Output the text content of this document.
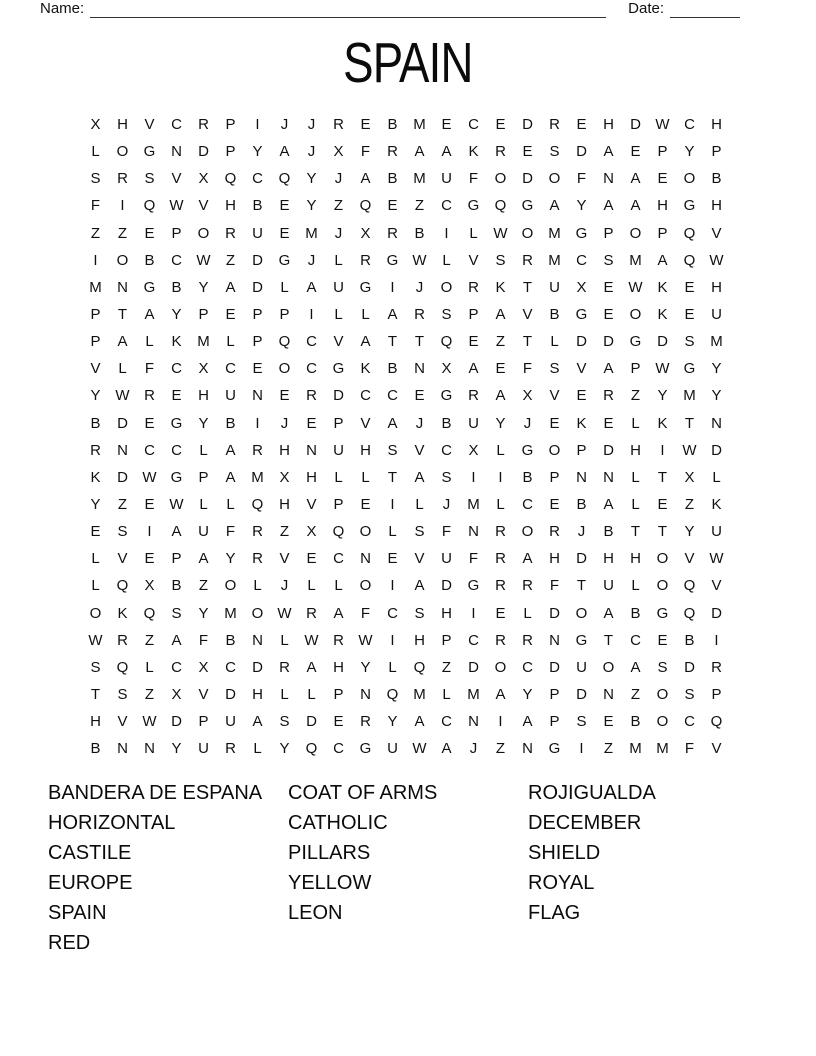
Name:	Date:
SPAIN
X	H	V	C	R	P	I	J	J	R	E	B	M	E	C	E	D	R	E	H	D W C	H
L	O	G	N	D	P	Y	A	J	X	F	R	A	A	K	R	E	S	D	A	E	P	Y	P
S	R	S	V	X	Q	C	Q	Y	J	A	B	M	U	F	O	D	O	F	N	A	E	O	B
F	I	Q W V	H	B	E	Y	Z	Q	E	Z	C	G	Q	G	A	Y	A	A	H	G	H
Z	Z	E	P	O	R	U	E	M	J	X	R	B	I	L	W O M G	P	O	P	Q	V
I	O	B	C W	Z	D	G	J	L	R	G W	L	V	S	R	M	C	S	M	A	Q W
M	N	G	B	Y	A	D	L	A	U	G	I	J	O	R	K	T	U	X	E W K	E	H
P	T	A	Y	P	E	P	P	I	L	L	A	R	S	P	A	V	B	G	E	O	K	E	U
P	A	L	K	M	L	P	Q	C	V	A	T	T	Q	E	Z	T	L	D	D	G	D	S	M
V	L	F	C	X	C	E	O	C	G	K	B	N	X	A	E	F	S	V	A	P W G	Y
Y W R	E	H	U	N	E	R	D	C	C	E	G	R	A	X	V	E	R	Z	Y	M	Y
B	D	E	G	Y	B	I	J	E	P	V	A	J	B	U	Y	J	E	K	E	L	K	T	N
R	N	C	C	L	A	R	H	N	U	H	S	V	C	X	L	G	O	P	D	H	I	W D
K	D W G	P	A	M	X	H	L	L	T	A	S	I	I	B	P	N	N	L	T	X	L
Y	Z	E W	L	L	Q	H	V	P	E	I	L	J	M	L	C	E	B	A	L	E	Z	K
E	S	I	A	U	F	R	Z	X	Q	O	L	S	F	N	R	O	R	J	B	T	T	Y	U
L	V	E	P	A	Y	R	V	E	C	N	E	V	U	F	R	A	H	D	H	H	O	V W
L	Q	X	B	Z	O	L	J	L	L	O	I	A	D	G	R	R	F	T	U	L	O	Q	V
O	K	Q	S	Y	M O W R	A	F	C	S	H	I	E	L	D	O	A	B	G	Q	D
W R	Z	A	F	B	N	L	W R W	I	H	P	C	R	R	N	G	T	C	E	B	I
S	Q	L	C	X	C	D	R	A	H	Y	L	Q	Z	D	O	C	D	U	O	A	S	D	R
T	S	Z	X	V	D	H	L	L	P	N	Q M	L	M	A	Y	P	D	N	Z	O	S	P
H	V W D	P	U	A	S	D	E	R	Y	A	C	N	I	A	P	S	E	B	O	C	Q
B	N	N	Y	U	R	L	Y	Q	C	G	U W A	J	Z	N	G	I	Z	M M	F	V
BANDERA DE ESPANA
HORIZONTAL
CASTILE
EUROPE
SPAIN
RED
COAT OF ARMS
CATHOLIC
PILLARS
YELLOW
LEON
ROJIGUALDA
DECEMBER
SHIELD
ROYAL
FLAG
